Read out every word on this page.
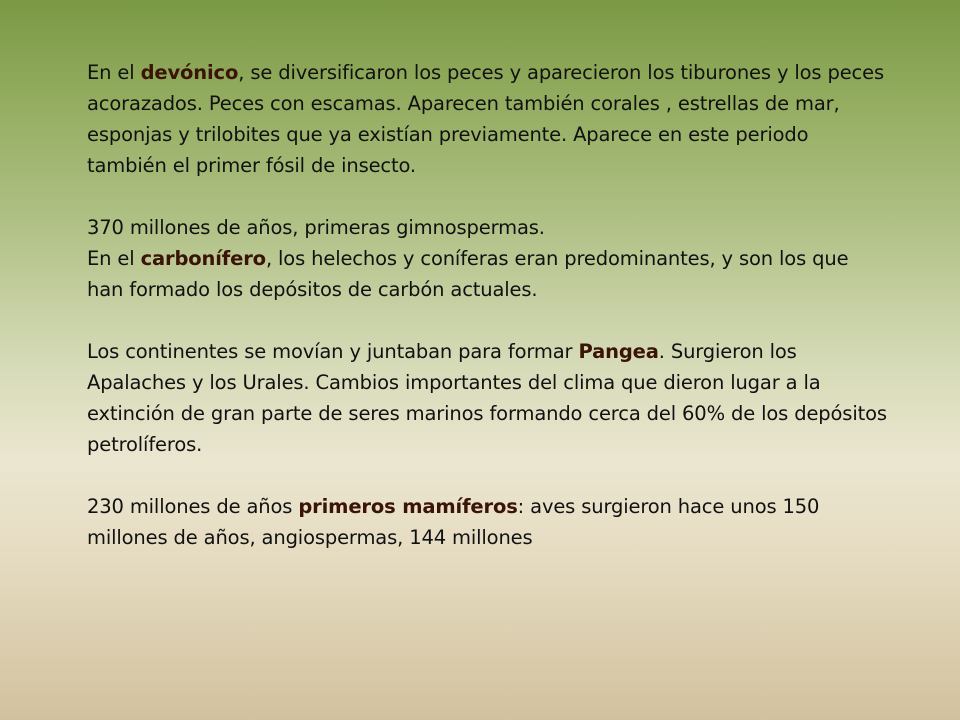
En el devónico, se diversificaron los peces y aparecieron los tiburones y los peces acorazados. Peces con escamas. Aparecen también corales , estrellas de mar, esponjas y trilobites que ya existían previamente. Aparece en este periodo también el primer fósil de insecto.

370 millones de años, primeras gimnospermas.

En el carbonífero, los helechos y coníferas eran predominantes, y son los que han formado los depósitos de carbón actuales.

Los continentes se movían y juntaban para formar Pangea. Surgieron los Apalaches y los Urales. Cambios importantes del clima que dieron lugar a la extinción de gran parte de seres marinos formando cerca del 60% de los depósitos petrolíferos.

230 millones de años primeros mamíferos: aves surgieron hace unos 150 millones de años, angiospermas, 144 millones
